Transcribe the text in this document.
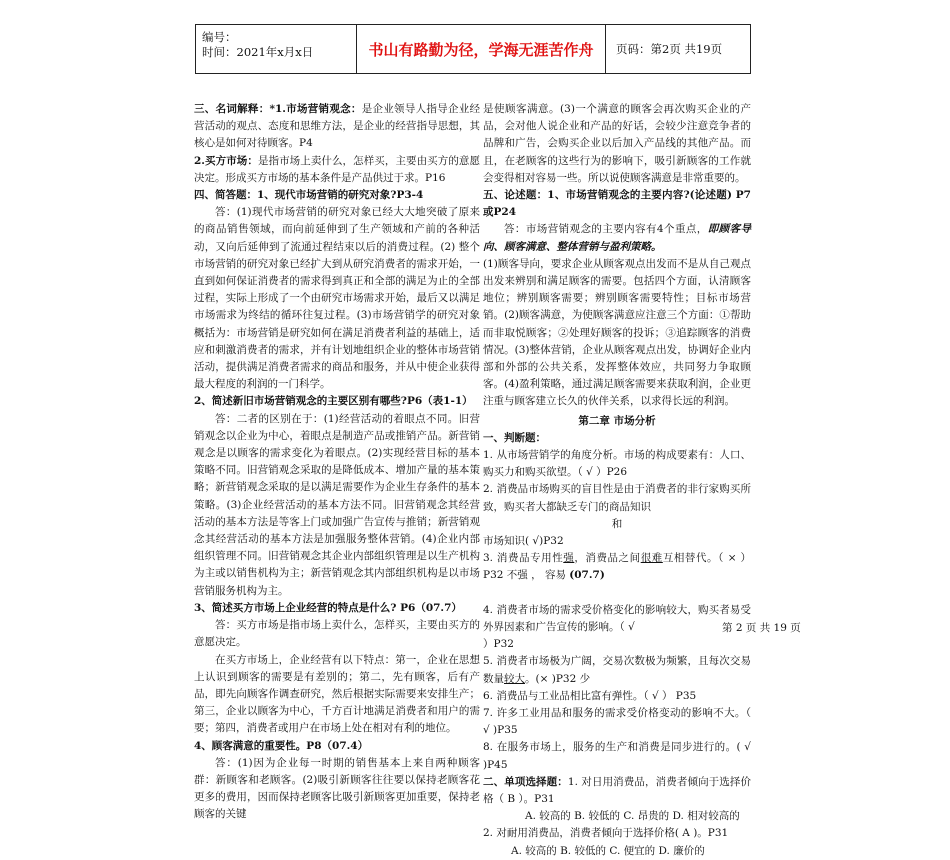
编号：
时间：2021年x月x日	书山有路勤为径，学海无涯苦作舟	页码：第2页 共19页

三、名词解释：*1.市场营销观念：是企业领导人指导企业经营活动的观点、态度和思维方法，是企业的经营指导思想，其核心是如何对待顾客。P4

2.买方市场：是指市场上卖什么，怎样买，主要由买方的意愿决定。形成买方市场的基本条件是产品供过于求。P16

四、简答题：1、现代市场营销的研究对象?P3-4

答：(1)现代市场营销的研究对象已经大大地突破了原来的商品销售领域，而向前延伸到了生产领域和产前的各种活动，又向后延伸到了流通过程结束以后的消费过程。(2) 整个市场营销的研究对象已经扩大到从研究消费者的需求开始，一直到如何保证消费者的需求得到真正和全部的满足为止的全部过程，实际上形成了一个由研究市场需求开始，最后又以满足市场需求为终结的循环往复过程。(3)市场营销学的研究对象概括为：市场营销是研究如何在满足消费者利益的基础上，适应和刺激消费者的需求，并有计划地组织企业的整体市场营销活动，提供满足消费者需求的商品和服务，并从中使企业获得最大程度的利润的一门科学。

2、简述新旧市场营销观念的主要区别有哪些?P6（表1-1）

答：二者的区别在于：(1)经营活动的着眼点不同。旧营销观念以企业为中心，着眼点是制造产品或推销产品。新营销观念是以顾客的需求变化为着眼点。(2)实现经营目标的基本策略不同。旧营销观念采取的是降低成本、增加产量的基本策略；新营销观念采取的是以满足需要作为企业生存条件的基本策略。(3)企业经营活动的基本方法不同。旧营销观念其经营活动的基本方法是等客上门或加强广告宣传与推销；新营销观念其经营活动的基本方法是加强服务整体营销。(4)企业内部组织管理不同。旧营销观念其企业内部组织管理是以生产机构为主或以销售机构为主；新营销观念其内部组织机构是以市场营销服务机构为主。

3、简述买方市场上企业经营的特点是什么? P6（07.7）

答：买方市场是指市场上卖什么，怎样买，主要由买方的意愿决定。

在买方市场上，企业经营有以下特点：第一，企业在思想上认识到顾客的需要是有差别的；第二，先有顾客，后有产品，即先向顾客作调查研究，然后根据实际需要来安排生产；第三，企业以顾客为中心，千方百计地满足消费者和用户的需要；第四，消费者或用户在市场上处在相对有利的地位。

4、顾客满意的重要性。P8（07.4）

答：(1)因为企业每一时期的销售基本上来自两种顾客群：新顾客和老顾客。(2)吸引新顾客往往要以保持老顾客花更多的费用，因而保持老顾客比吸引新顾客更加重要，保持老顾客的关键

是使顾客满意。(3)一个满意的顾客会再次购买企业的产品，会对他人说企业和产品的好话，会较少注意竞争者的品牌和广告，会购买企业以后加入产品线的其他产品。而且，在老顾客的这些行为的影响下，吸引新顾客的工作就会变得相对容易一些。所以说使顾客满意是非常重要的。

五、论述题：1、市场营销观念的主要内容?(论述题) P7或P24

答：市场营销观念的主要内容有4个重点，即顾客导向、顾客满意、整体营销与盈利策略。

(1)顾客导向，要求企业从顾客观点出发而不是从自己观点出发来辨别和满足顾客的需要。包括四个方面，认清顾客地位；辨别顾客需要；辨别顾客需要特性；目标市场营销。(2)顾客满意，为使顾客满意应注意三个方面：①帮助而非取悦顾客；②处理好顾客的投诉；③追踪顾客的消费情况。(3)整体营销，企业从顾客观点出发，协调好企业内部和外部的公共关系，发挥整体效应，共同努力争取顾客。(4)盈利策略，通过满足顾客需要来获取利润，企业更注重与顾客建立长久的伙伴关系，以求得长远的利润。

第二章 市场分析

一、判断题：

1. 从市场营销学的角度分析。市场的构成要素有：人口、购买力和购买欲望。（ √ ）P26

2. 消费品市场购买的盲目性是由于消费者的非行家购买所致，购买者大都缺乏专门的商品知识

和

市场知识( √)P32

3. 消费品专用性强，消费品之间很难互相替代。（ × ）P32 不强 ， 容易 (07.7)

4. 消费者市场的需求受价格变化的影响较大，购买者易受外界因素和广告宣传的影响。（ √

）P32

5. 消费者市场极为广阔，交易次数极为频繁，且每次交易数量较大。(× )P32 少

6. 消费品与工业品相比富有弹性。（ √ ） P35

7. 许多工业用品和服务的需求受价格变动的影响不大。（ √ )P35

8. 在服务市场上，服务的生产和消费是同步进行的。( √ )P45

二、单项选择题：1. 对日用消费品，消费者倾向于选择价格（ B ）。P31

A. 较高的 B. 较低的 C. 昂贵的 D. 相对较高的

2. 对耐用消费品，消费者倾向于选择价格( A )。P31

A. 较高的 B. 较低的 C. 便宜的 D. 廉价的

第 2 页 共 19 页
